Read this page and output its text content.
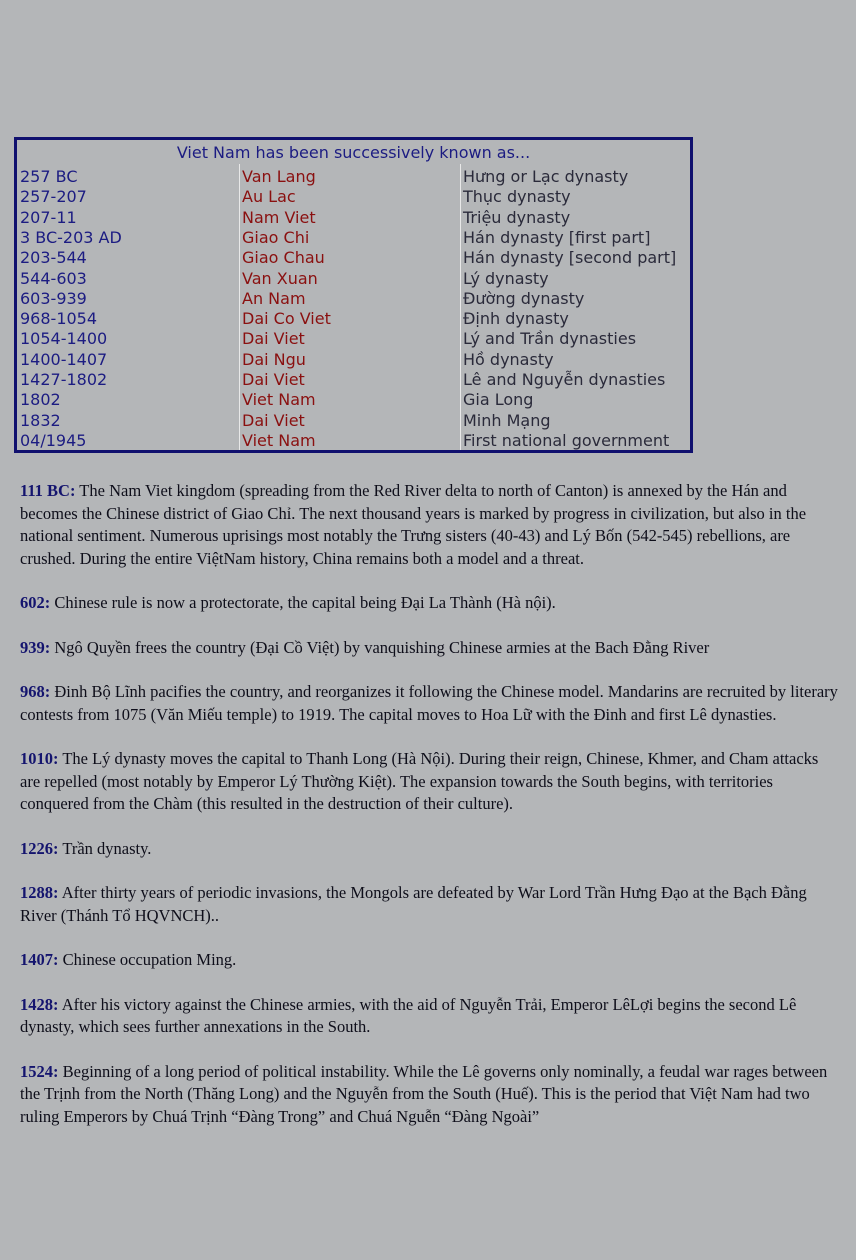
Viet Nam has been successively known as...
257 BC	Van Lang	Hưng or Lạc dynasty
257-207	Au Lac	Thục dynasty
207-11	Nam Viet	Triệu dynasty
3 BC-203 AD	Giao Chi	Hán dynasty [first part]
203-544	Giao Chau	Hán dynasty [second part]
544-603	Van Xuan	Lý dynasty
603-939	An Nam	Đường dynasty
968-1054	Dai Co Viet	Định dynasty
1054-1400	Dai Viet	Lý and Trần dynasties
1400-1407	Dai Ngu	Hồ dynasty
1427-1802	Dai Viet	Lê and Nguyễn dynasties
1802	Viet Nam	Gia Long
1832	Dai Viet	Minh Mạng
04/1945	Viet Nam	First national government

111 BC: The Nam Viet kingdom (spreading from the Red River delta to north of Canton) is annexed by the Hán and becomes the Chinese district of Giao Chỉ. The next thousand years is marked by progress in civilization, but also in the national sentiment. Numerous uprisings most notably the Trưng sisters (40-43) and Lý Bốn (542-545) rebellions, are crushed. During the entire ViệtNam history, China remains both a model and a threat.

602: Chinese rule is now a protectorate, the capital being Đại La Thành (Hà nội).

939: Ngô Quyền frees the country (Đại Cồ Việt) by vanquishing Chinese armies at the Bach Đằng River

968: Đinh Bộ Lĩnh pacifies the country, and reorganizes it following the Chinese model. Mandarins are recruited by literary contests from 1075 (Văn Miếu temple) to 1919. The capital moves to Hoa Lữ with the Đinh and first Lê dynasties.

1010: The Lý dynasty moves the capital to Thanh Long (Hà Nội). During their reign, Chinese, Khmer, and Cham attacks are repelled (most notably by Emperor Lý Thường Kiệt). The expansion towards the South begins, with territories conquered from the Chàm (this resulted in the destruction of their culture).

1226: Trần dynasty.

1288: After thirty years of periodic invasions, the Mongols are defeated by War Lord Trần Hưng Đạo at the Bạch Đằng River (Thánh Tổ HQVNCH)..

1407: Chinese occupation Ming.

1428: After his victory against the Chinese armies, with the aid of Nguyễn Trải, Emperor LêLợi begins the second Lê dynasty, which sees further annexations in the South.

1524: Beginning of a long period of political instability. While the Lê governs only nominally, a feudal war rages between the Trịnh from the North (Thăng Long) and the Nguyễn from the South (Huế). This is the period that Việt Nam had two ruling Emperors by Chuá Trịnh “Đàng Trong” and Chuá Nguễn “Đàng Ngoài”
